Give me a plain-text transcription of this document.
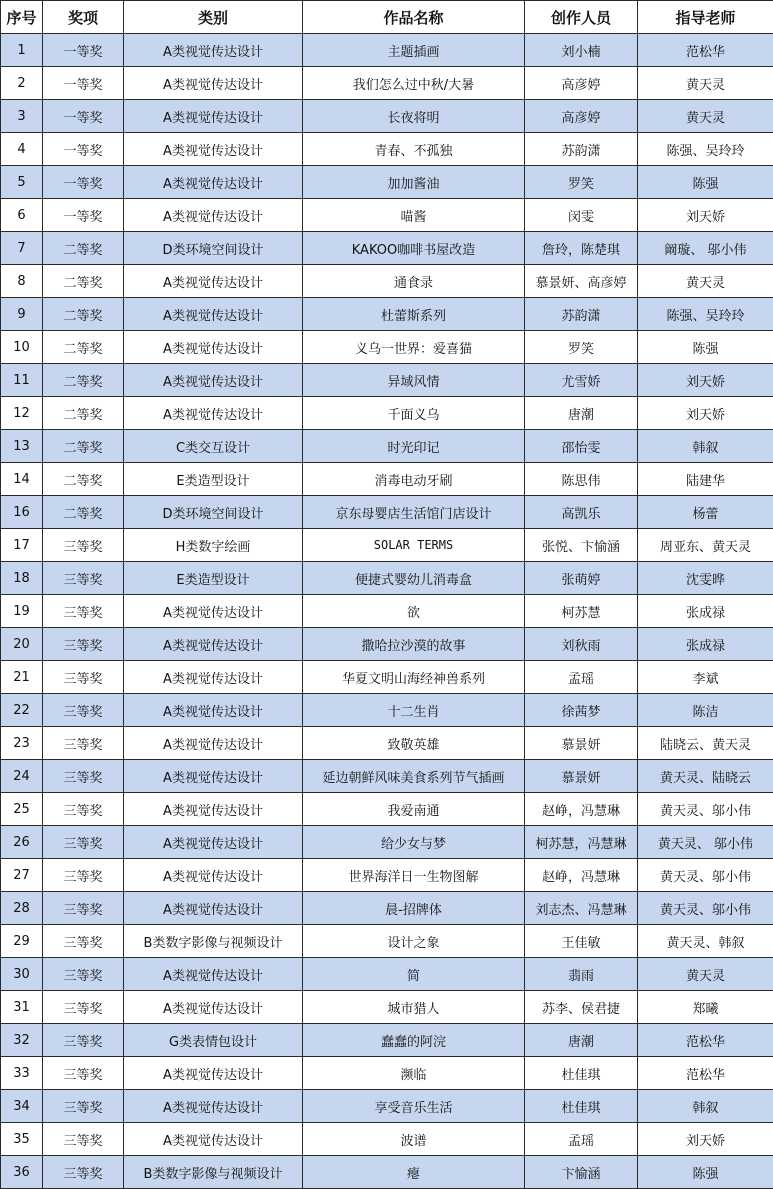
序号	奖项	类别	作品名称	创作人员	指导老师
1	一等奖	A类视觉传达设计	主题插画	刘小楠	范松华
2	一等奖	A类视觉传达设计	我们怎么过中秋/大暑	高彦婷	黄天灵
3	一等奖	A类视觉传达设计	长夜将明	高彦婷	黄天灵
4	一等奖	A类视觉传达设计	青春、不孤独	苏韵潇	陈强、吴玲玲
5	一等奖	A类视觉传达设计	加加酱油	罗笑	陈强
6	一等奖	A类视觉传达设计	喵酱	闵雯	刘天娇
7	二等奖	D类环境空间设计	KAKOO咖啡书屋改造	詹玲，陈楚琪	阚璇、 邬小伟
8	二等奖	A类视觉传达设计	通食录	慕景妍、高彦婷	黄天灵
9	二等奖	A类视觉传达设计	杜蕾斯系列	苏韵潇	陈强、吴玲玲
10	二等奖	A类视觉传达设计	义乌一世界：爱喜猫	罗笑	陈强
11	二等奖	A类视觉传达设计	异域风情	尤雪娇	刘天娇
12	二等奖	A类视觉传达设计	千面义乌	唐潮	刘天娇
13	二等奖	C类交互设计	时光印记	邵怡雯	韩叙
14	二等奖	E类造型设计	消毒电动牙刷	陈思伟	陆建华
16	二等奖	D类环境空间设计	京东母婴店生活馆门店设计	高凯乐	杨蕾
17	三等奖	H类数字绘画	SOLAR TERMS	张悦、卞愉涵	周亚东、黄天灵
18	三等奖	E类造型设计	便捷式婴幼儿消毒盒	张萌婷	沈雯晔
19	三等奖	A类视觉传达设计	欲	柯苏慧	张成禄
20	三等奖	A类视觉传达设计	撒哈拉沙漠的故事	刘秋雨	张成禄
21	三等奖	A类视觉传达设计	华夏文明山海经神兽系列	孟瑶	李斌
22	三等奖	A类视觉传达设计	十二生肖	徐茜梦	陈洁
23	三等奖	A类视觉传达设计	致敬英雄	慕景妍	陆晓云、黄天灵
24	三等奖	A类视觉传达设计	延边朝鲜风味美食系列节气插画	慕景妍	黄天灵、陆晓云
25	三等奖	A类视觉传达设计	我爱南通	赵峥，冯慧琳	黄天灵、邬小伟
26	三等奖	A类视觉传达设计	给少女与梦	柯苏慧，冯慧琳	黄天灵、 邬小伟
27	三等奖	A类视觉传达设计	世界海洋日一生物图解	赵峥，冯慧琳	黄天灵、邬小伟
28	三等奖	A类视觉传达设计	晨-招牌体	刘志杰、冯慧琳	黄天灵、邬小伟
29	三等奖	B类数字影像与视频设计	设计之象	王佳敏	黄天灵、韩叙
30	三等奖	A类视觉传达设计	简	翡雨	黄天灵
31	三等奖	A类视觉传达设计	城市猎人	苏李、侯君捷	郑曦
32	三等奖	G类表情包设计	蠢蠢的阿浣	唐潮	范松华
33	三等奖	A类视觉传达设计	濒临	杜佳琪	范松华
34	三等奖	A类视觉传达设计	享受音乐生活	杜佳琪	韩叙
35	三等奖	A类视觉传达设计	波谱	孟瑶	刘天娇
36	三等奖	B类数字影像与视频设计	瘪	卞愉涵	陈强
